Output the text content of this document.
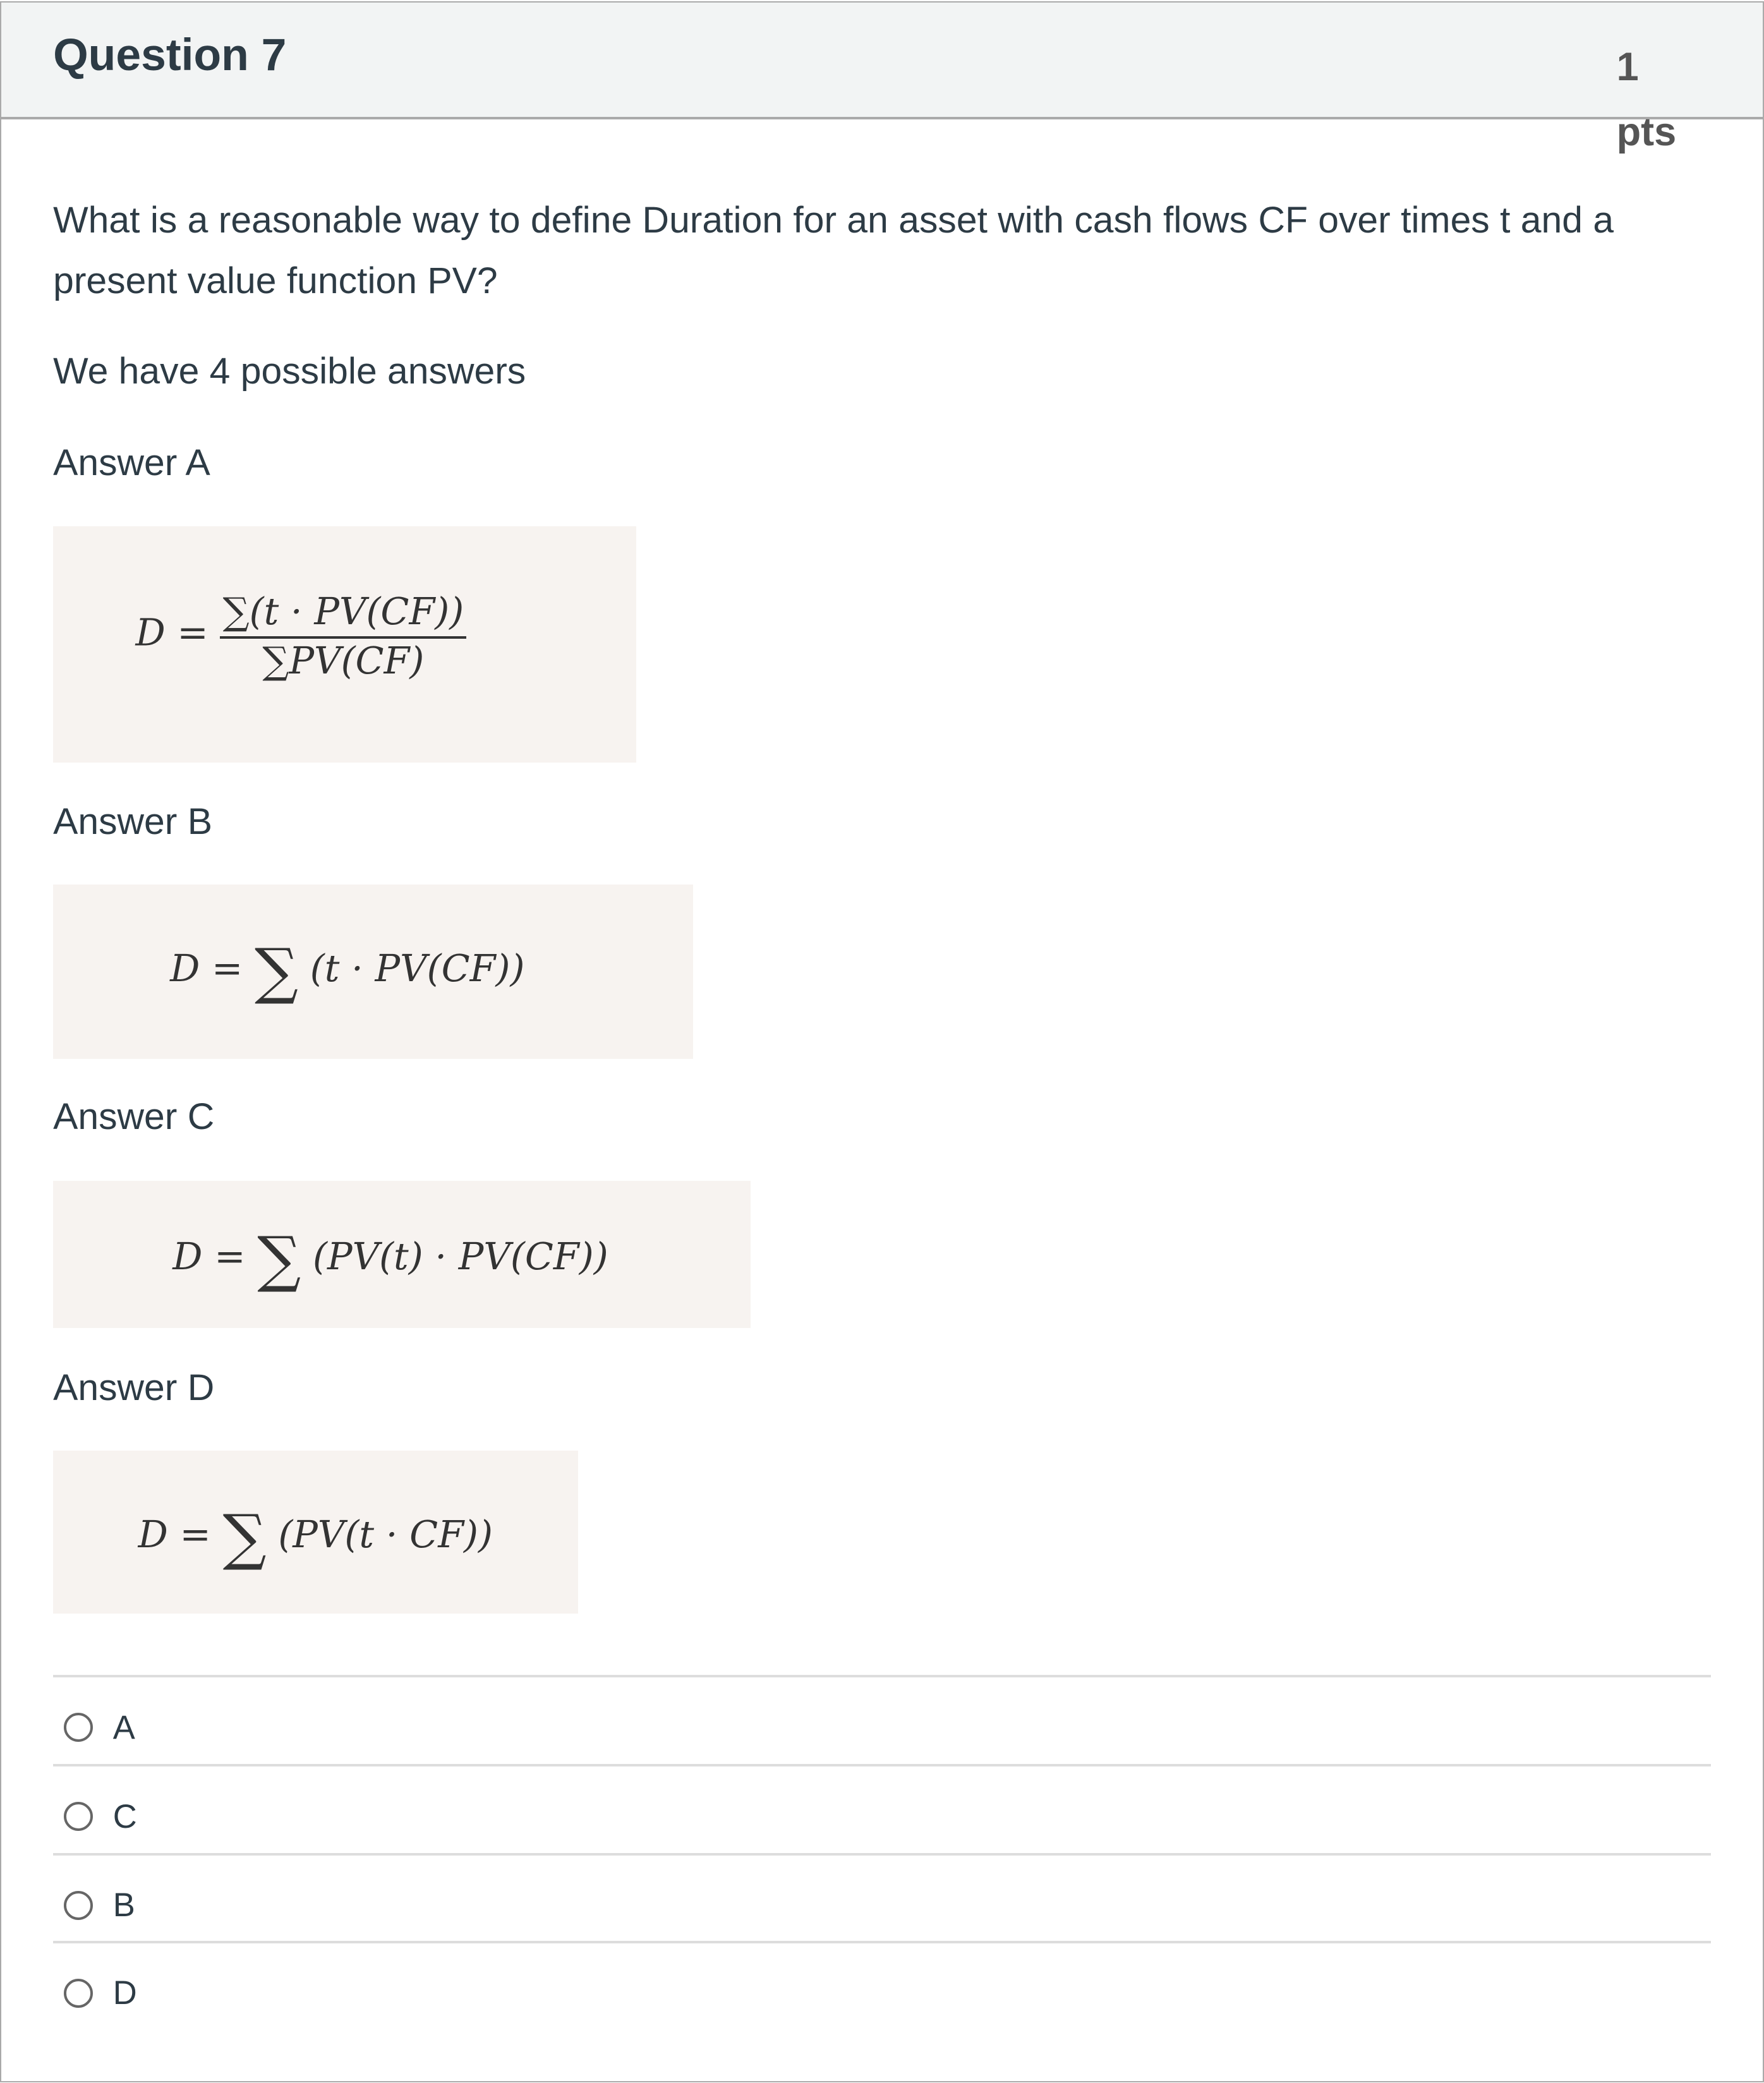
Question 7	1
pts
What is a reasonable way to define Duration for an asset with cash flows CF over times t and a present value function PV?
We have 4 possible answers
Answer A
$D = \frac{\sum(t \cdot PV(CF))}{\sum PV(CF)}$
Answer B
D = ∑ (t · PV(CF))
Answer C
D = ∑ (PV(t) · PV(CF))
Answer D
D = ∑ (PV(t · CF))
A
C
B
D
